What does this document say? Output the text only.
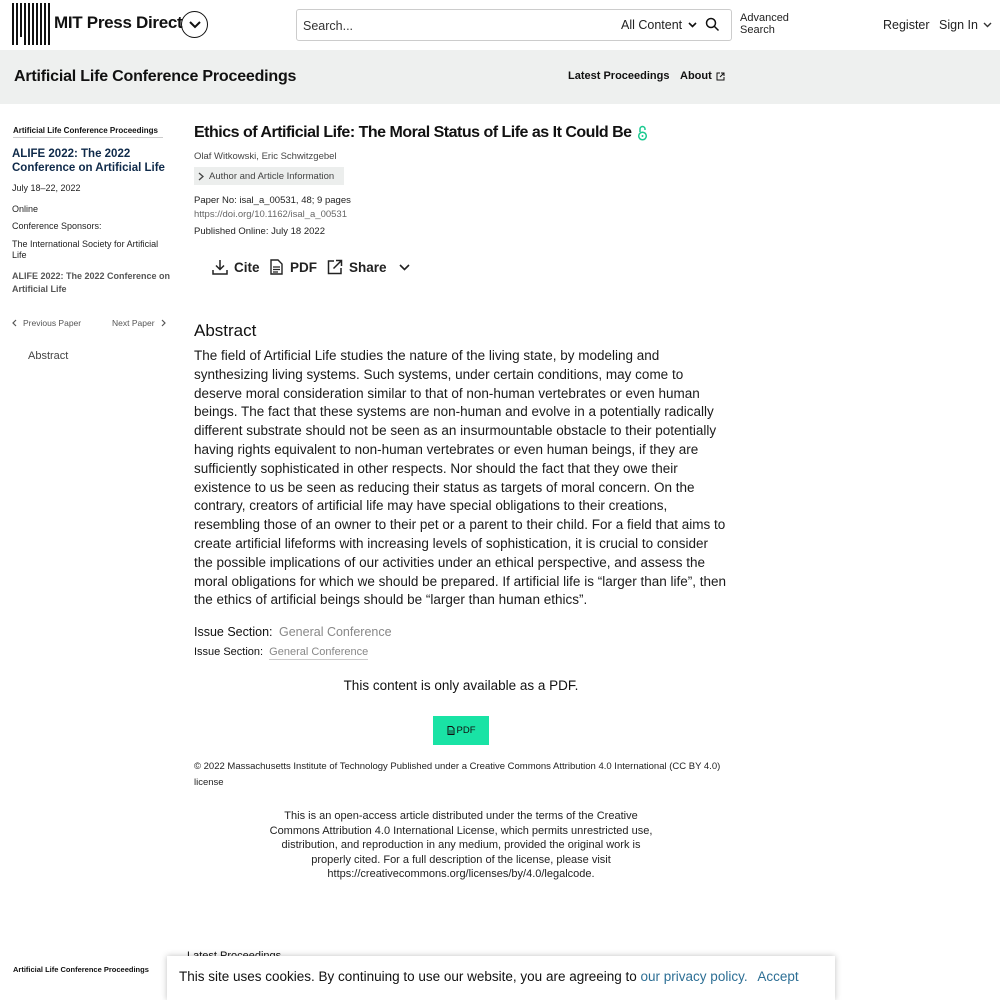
MIT Press Direct
Search...	All Content	Advanced Search	Register Sign In
Artificial Life Conference Proceedings	Latest Proceedings About
Artificial Life Conference Proceedings
ALIFE 2022: The 2022 Conference on Artificial Life
July 18–22, 2022
Online
Conference Sponsors:
The International Society for Artificial Life
ALIFE 2022: The 2022 Conference on Artificial Life
Previous Paper	Next Paper
Abstract
Ethics of Artificial Life: The Moral Status of Life as It Could Be
Olaf Witkowski, Eric Schwitzgebel
Author and Article Information
Paper No: isal_a_00531, 48; 9 pages
https://doi.org/10.1162/isal_a_00531
Published Online: July 18 2022
Cite PDF Share
Abstract
The field of Artificial Life studies the nature of the living state, by modeling and synthesizing living systems. Such systems, under certain conditions, may come to deserve moral consideration similar to that of non-human vertebrates or even human beings. The fact that these systems are non-human and evolve in a potentially radically different substrate should not be seen as an insurmountable obstacle to their potentially having rights equivalent to non-human vertebrates or even human beings, if they are sufficiently sophisticated in other respects. Nor should the fact that they owe their existence to us be seen as reducing their status as targets of moral concern. On the contrary, creators of artificial life may have special obligations to their creations, resembling those of an owner to their pet or a parent to their child. For a field that aims to create artificial lifeforms with increasing levels of sophistication, it is crucial to consider the possible implications of our activities under an ethical perspective, and assess the moral obligations for which we should be prepared. If artificial life is “larger than life”, then the ethics of artificial beings should be “larger than human ethics”.
Issue Section: General Conference
Issue Section: General Conference
This content is only available as a PDF.
PDF
© 2022 Massachusetts Institute of Technology Published under a Creative Commons Attribution 4.0 International (CC BY 4.0) license
This is an open-access article distributed under the terms of the Creative Commons Attribution 4.0 International License, which permits unrestricted use, distribution, and reproduction in any medium, provided the original work is properly cited. For a full description of the license, please visit https://creativecommons.org/licenses/by/4.0/legalcode.
Artificial Life Conference Proceedings	This site uses cookies. By continuing to use our website, you are agreeing to our privacy policy. Accept
